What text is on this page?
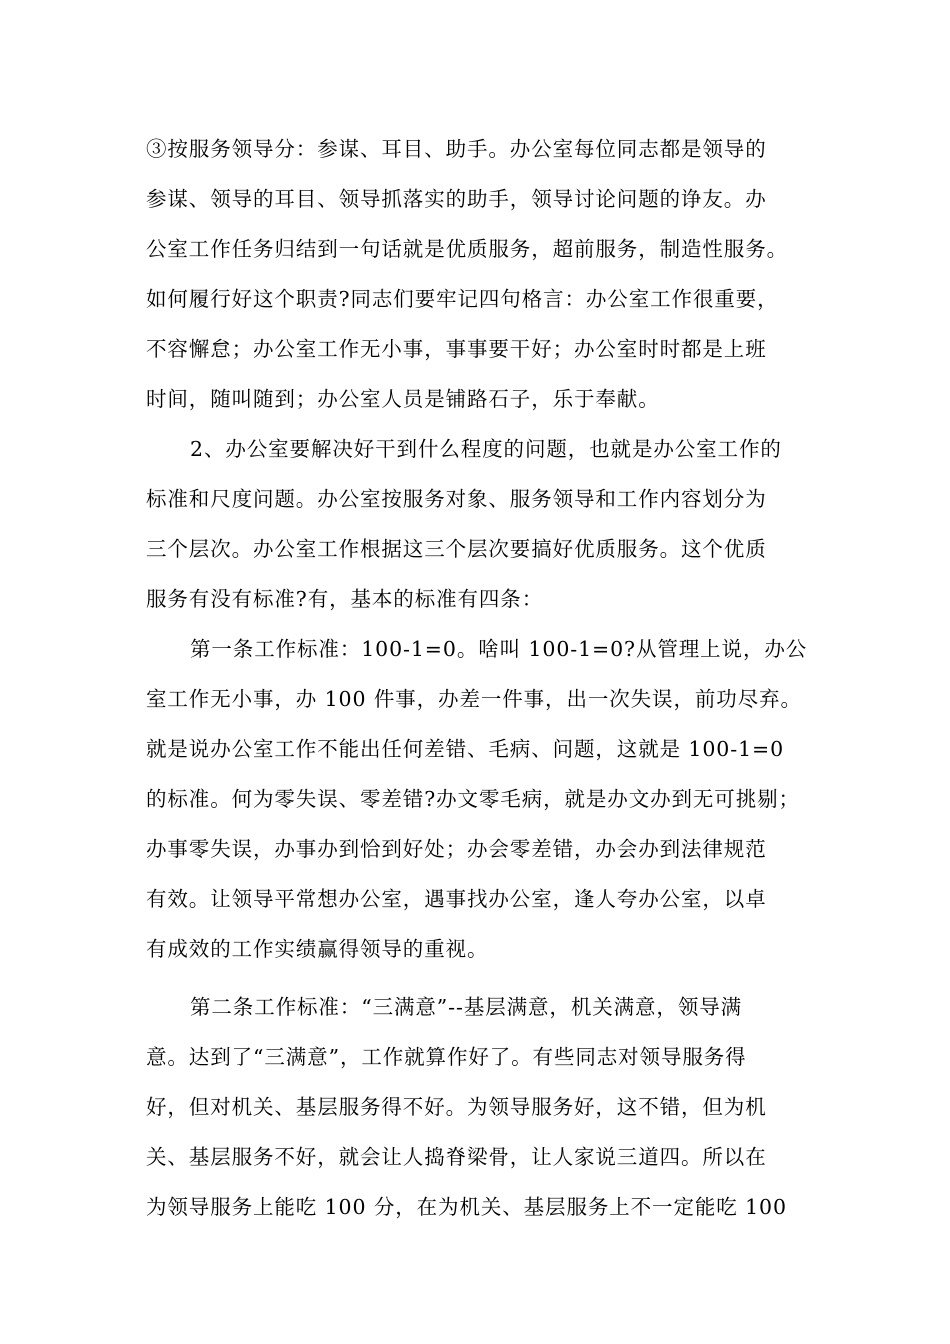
③按服务领导分：参谋、耳目、助手。办公室每位同志都是领导的
参谋、领导的耳目、领导抓落实的助手，领导讨论问题的诤友。办
公室工作任务归结到一句话就是优质服务，超前服务，制造性服务。
如何履行好这个职责?同志们要牢记四句格言：办公室工作很重要，
不容懈怠；办公室工作无小事，事事要干好；办公室时时都是上班
时间，随叫随到；办公室人员是铺路石子，乐于奉献。
2、办公室要解决好干到什么程度的问题，也就是办公室工作的
标准和尺度问题。办公室按服务对象、服务领导和工作内容划分为
三个层次。办公室工作根据这三个层次要搞好优质服务。这个优质
服务有没有标准?有，基本的标准有四条：
第一条工作标准：100-1=0。啥叫 100-1=0?从管理上说，办公
室工作无小事，办 100 件事，办差一件事，出一次失误，前功尽弃。
就是说办公室工作不能出任何差错、毛病、问题，这就是 100-1=0
的标准。何为零失误、零差错?办文零毛病，就是办文办到无可挑剔；
办事零失误，办事办到恰到好处；办会零差错，办会办到法律规范
有效。让领导平常想办公室，遇事找办公室，逢人夸办公室，以卓
有成效的工作实绩赢得领导的重视。
第二条工作标准：“三满意”--基层满意，机关满意，领导满
意。达到了“三满意”，工作就算作好了。有些同志对领导服务得
好，但对机关、基层服务得不好。为领导服务好，这不错，但为机
关、基层服务不好，就会让人捣脊梁骨，让人家说三道四。所以在
为领导服务上能吃 100 分，在为机关、基层服务上不一定能吃 100
